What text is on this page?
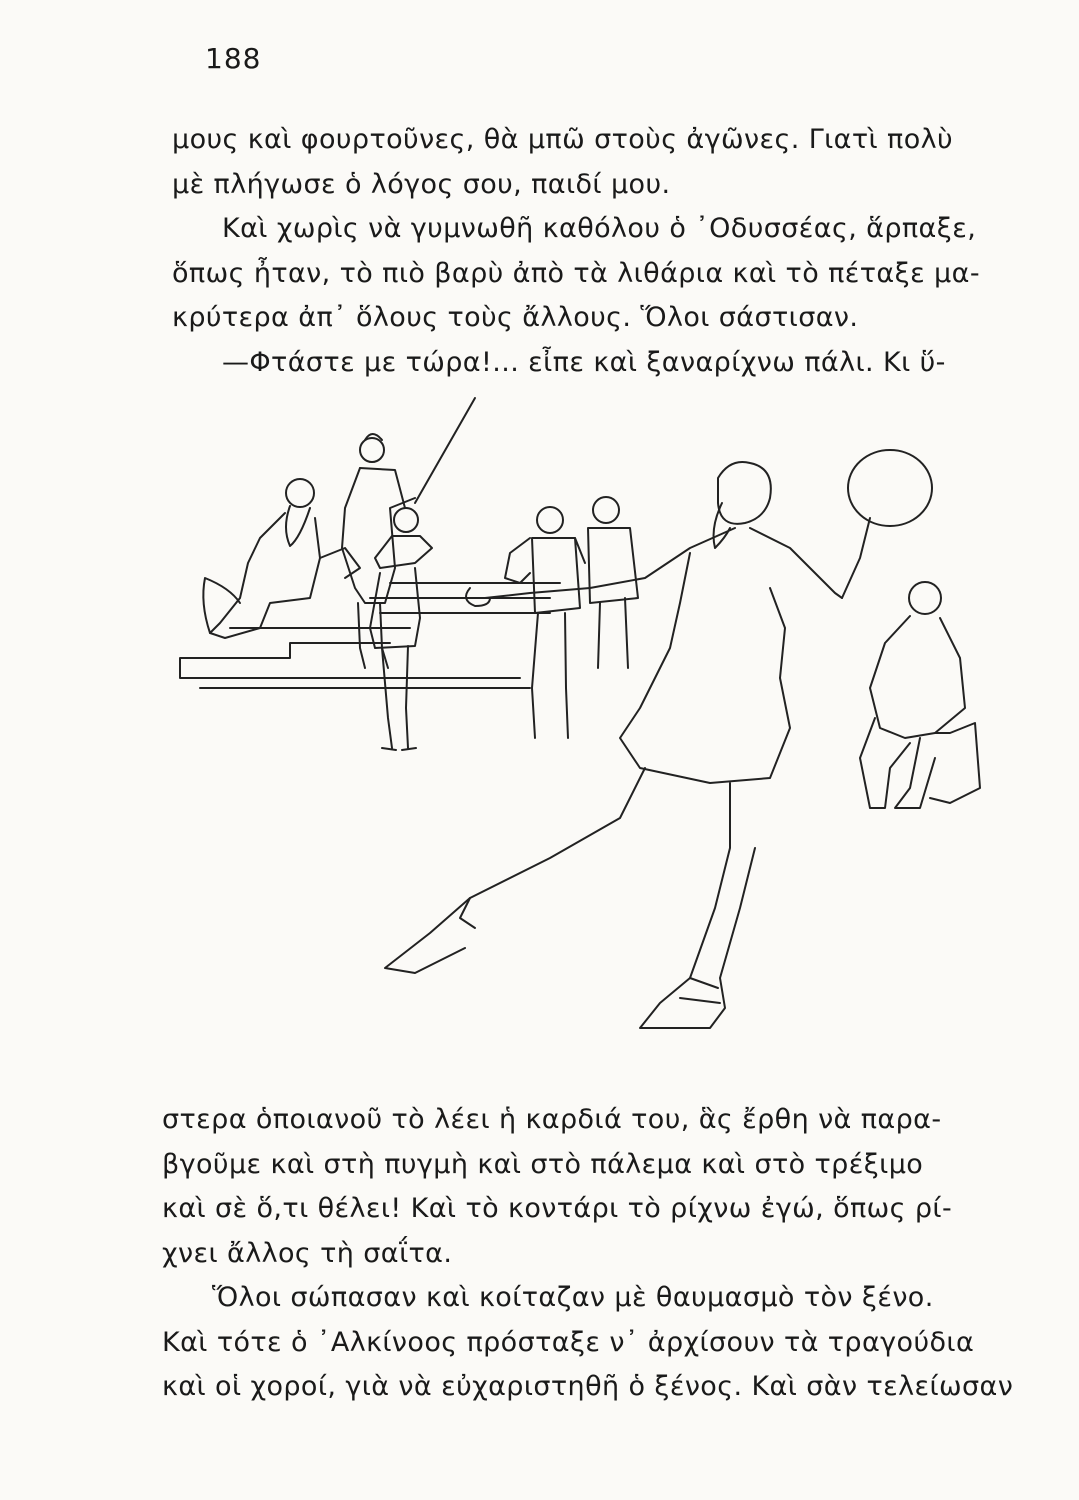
188
μους καὶ φουρτοῦνες, θὰ μπῶ στοὺς ἀγῶνες. Γιατὶ πολὺ
μὲ πλήγωσε ὁ λόγος σου, παιδί μου.
Καὶ χωρὶς νὰ γυμνωθῆ καθόλου ὁ ᾽Οδυσσέας, ἅρπαξε,
ὅπως ἦταν, τὸ πιὸ βαρὺ ἀπὸ τὰ λιθάρια καὶ τὸ πέταξε μα-
κρύτερα ἀπ᾽ ὅλους τοὺς ἄλλους. Ὅλοι σάστισαν.
—Φτάστε με τώρα!... εἶπε καὶ ξαναρίχνω πάλι. Κι ὕ-
στερα ὁποιανοῦ τὸ λέει ἡ καρδιά του, ἃς ἔρθη νὰ παρα-
βγοῦμε καὶ στὴ πυγμὴ καὶ στὸ πάλεμα καὶ στὸ τρέξιμο
καὶ σὲ ὅ,τι θέλει! Καὶ τὸ κοντάρι τὸ ρίχνω ἐγώ, ὅπως ρί-
χνει ἄλλος τὴ σαΐτα.
Ὅλοι σώπασαν καὶ κοίταζαν μὲ θαυμασμὸ τὸν ξένο.
Καὶ τότε ὁ ᾽Αλκίνοος πρόσταξε ν᾽ ἀρχίσουν τὰ τραγούδια
καὶ οἱ χοροί, γιὰ νὰ εὐχαριστηθῆ ὁ ξένος. Καὶ σὰν τελείωσαν
